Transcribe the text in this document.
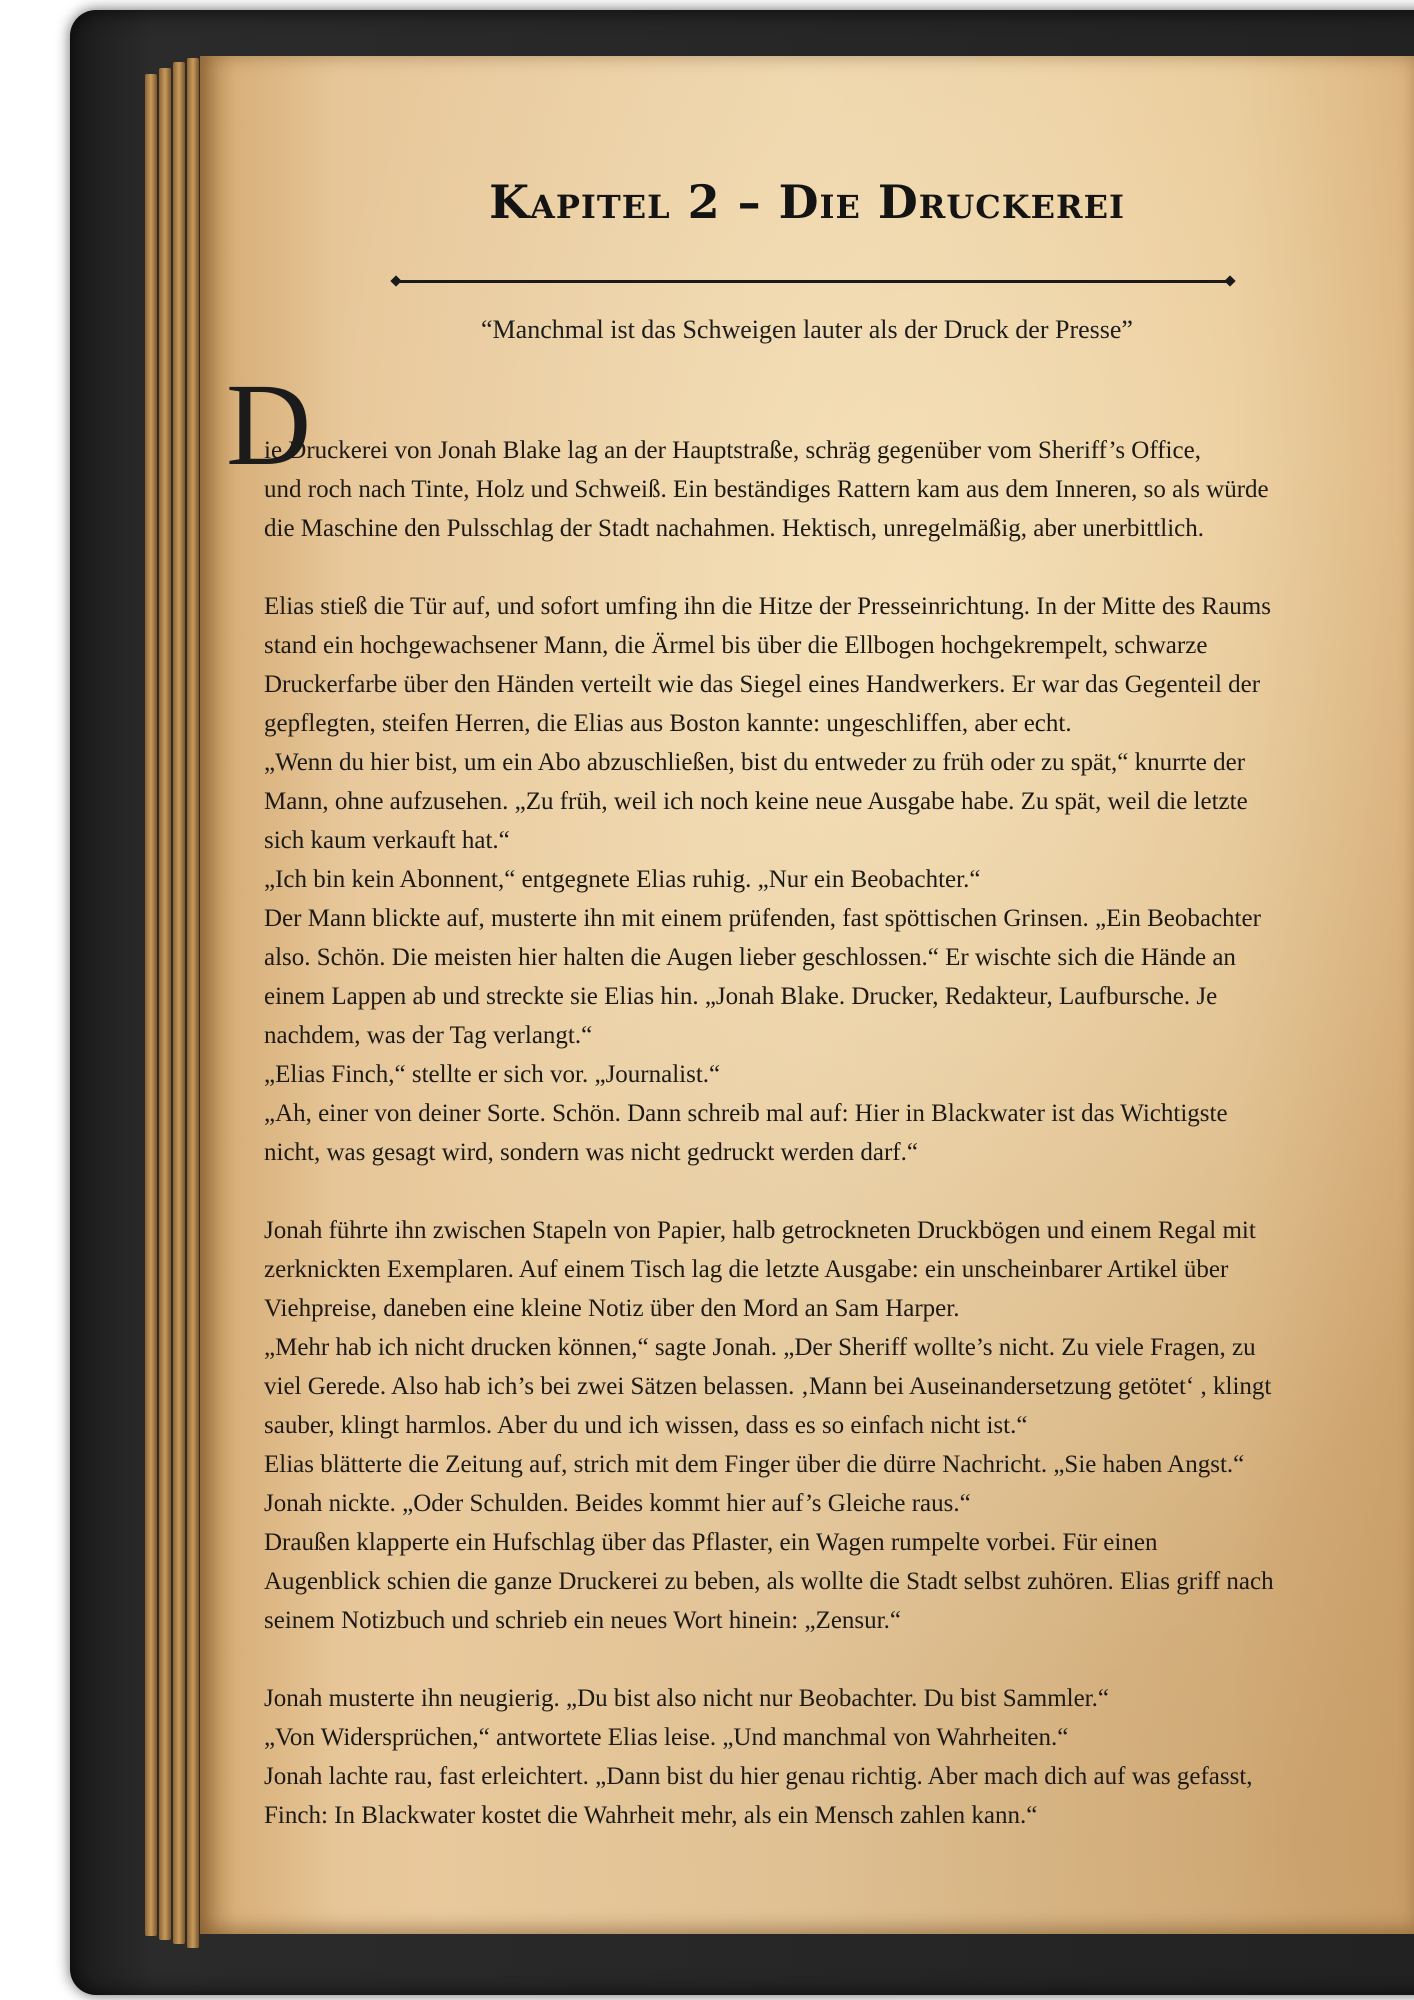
Kapitel 2 – Die Druckerei
“Manchmal ist das Schweigen lauter als der Druck der Presse”
D
ie Druckerei von Jonah Blake lag an der Hauptstraße, schräg gegenüber vom Sheriff’s Office,
und roch nach Tinte, Holz und Schweiß. Ein beständiges Rattern kam aus dem Inneren, so als würde
die Maschine den Pulsschlag der Stadt nachahmen. Hektisch, unregelmäßig, aber unerbittlich.
Elias stieß die Tür auf, und sofort umfing ihn die Hitze der Presseinrichtung. In der Mitte des Raums
stand ein hochgewachsener Mann, die Ärmel bis über die Ellbogen hochgekrempelt, schwarze
Druckerfarbe über den Händen verteilt wie das Siegel eines Handwerkers. Er war das Gegenteil der
gepflegten, steifen Herren, die Elias aus Boston kannte: ungeschliffen, aber echt.
„Wenn du hier bist, um ein Abo abzuschließen, bist du entweder zu früh oder zu spät,“ knurrte der
Mann, ohne aufzusehen. „Zu früh, weil ich noch keine neue Ausgabe habe. Zu spät, weil die letzte
sich kaum verkauft hat.“
„Ich bin kein Abonnent,“ entgegnete Elias ruhig. „Nur ein Beobachter.“
Der Mann blickte auf, musterte ihn mit einem prüfenden, fast spöttischen Grinsen. „Ein Beobachter
also. Schön. Die meisten hier halten die Augen lieber geschlossen.“ Er wischte sich die Hände an
einem Lappen ab und streckte sie Elias hin. „Jonah Blake. Drucker, Redakteur, Laufbursche. Je
nachdem, was der Tag verlangt.“
„Elias Finch,“ stellte er sich vor. „Journalist.“
„Ah, einer von deiner Sorte. Schön. Dann schreib mal auf: Hier in Blackwater ist das Wichtigste
nicht, was gesagt wird, sondern was nicht gedruckt werden darf.“
Jonah führte ihn zwischen Stapeln von Papier, halb getrockneten Druckbögen und einem Regal mit
zerknickten Exemplaren. Auf einem Tisch lag die letzte Ausgabe: ein unscheinbarer Artikel über
Viehpreise, daneben eine kleine Notiz über den Mord an Sam Harper.
„Mehr hab ich nicht drucken können,“ sagte Jonah. „Der Sheriff wollte’s nicht. Zu viele Fragen, zu
viel Gerede. Also hab ich’s bei zwei Sätzen belassen. ‚Mann bei Auseinandersetzung getötet‘ , klingt
sauber, klingt harmlos. Aber du und ich wissen, dass es so einfach nicht ist.“
Elias blätterte die Zeitung auf, strich mit dem Finger über die dürre Nachricht. „Sie haben Angst.“
Jonah nickte. „Oder Schulden. Beides kommt hier auf’s Gleiche raus.“
Draußen klapperte ein Hufschlag über das Pflaster, ein Wagen rumpelte vorbei. Für einen
Augenblick schien die ganze Druckerei zu beben, als wollte die Stadt selbst zuhören. Elias griff nach
seinem Notizbuch und schrieb ein neues Wort hinein: „Zensur.“
Jonah musterte ihn neugierig. „Du bist also nicht nur Beobachter. Du bist Sammler.“
„Von Widersprüchen,“ antwortete Elias leise. „Und manchmal von Wahrheiten.“
Jonah lachte rau, fast erleichtert. „Dann bist du hier genau richtig. Aber mach dich auf was gefasst,
Finch: In Blackwater kostet die Wahrheit mehr, als ein Mensch zahlen kann.“
